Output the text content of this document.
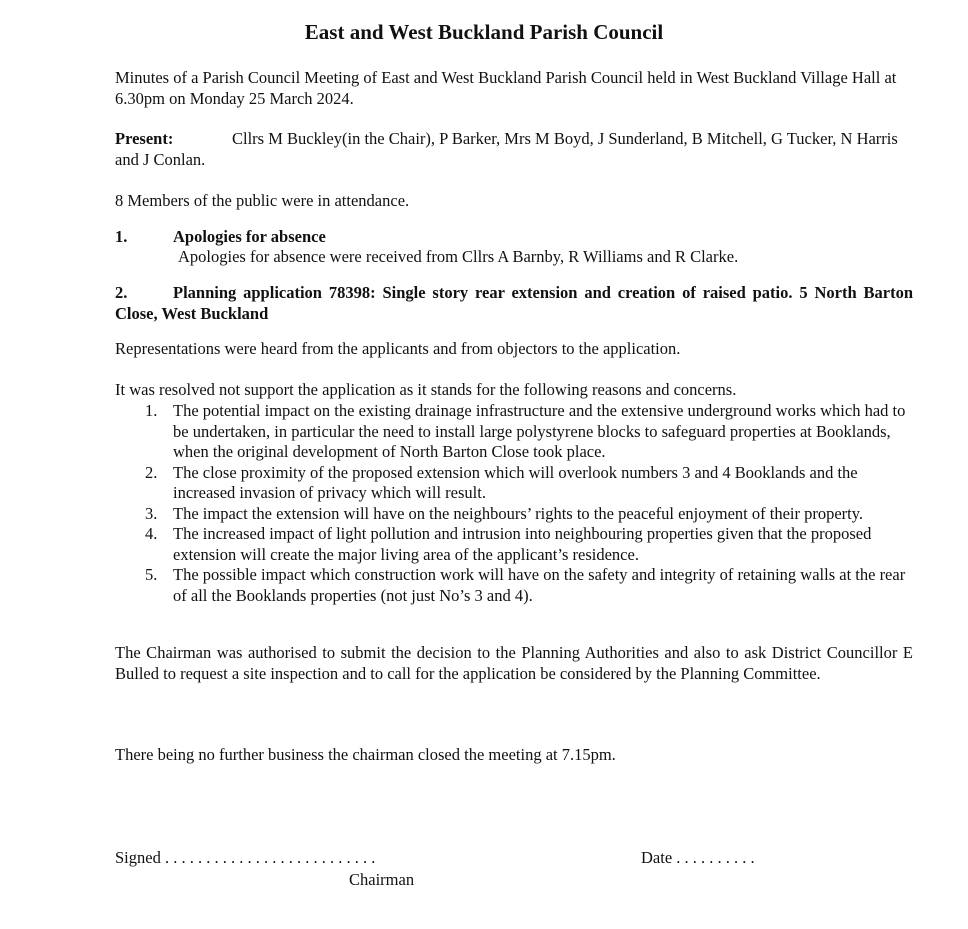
East and West Buckland Parish Council
Minutes of a Parish Council Meeting of East and West Buckland Parish Council held in West Buckland Village Hall at 6.30pm on Monday 25 March 2024.
Present:	Cllrs M Buckley(in the Chair), P Barker, Mrs M Boyd, J Sunderland, B Mitchell, G Tucker, N Harris and J Conlan.
8 Members of the public were in attendance.
1.	Apologies for absence
Apologies for absence were received from Cllrs A Barnby, R Williams and R Clarke.
2.	Planning application 78398: Single story rear extension and creation of raised patio. 5 North Barton Close, West Buckland
Representations were heard from the applicants and from objectors to the application.
It was resolved not support the application as it stands for the following reasons and concerns.
1. The potential impact on the existing drainage infrastructure and the extensive underground works which had to be undertaken, in particular the need to install large polystyrene blocks to safeguard properties at Booklands, when the original development of North Barton Close took place.
2. The close proximity of the proposed extension which will overlook numbers 3 and 4 Booklands and the increased invasion of privacy which will result.
3. The impact the extension will have on the neighbours’ rights to the peaceful enjoyment of their property.
4. The increased impact of light pollution and intrusion into neighbouring properties given that the proposed extension will create the major living area of the applicant’s residence.
5. The possible impact which construction work will have on the safety and integrity of retaining walls at the rear of all the Booklands properties (not just No’s 3 and 4).
The Chairman was authorised to submit the decision to the Planning Authorities and also to ask District Councillor E Bulled to request a site inspection and to call for the application be considered by the Planning Committee.
There being no further business the chairman closed the meeting at 7.15pm.
Signed . . . . . . . . . . . . . . . . . . . . . . . . . .
Chairman
Date . . . . . . . . . .
